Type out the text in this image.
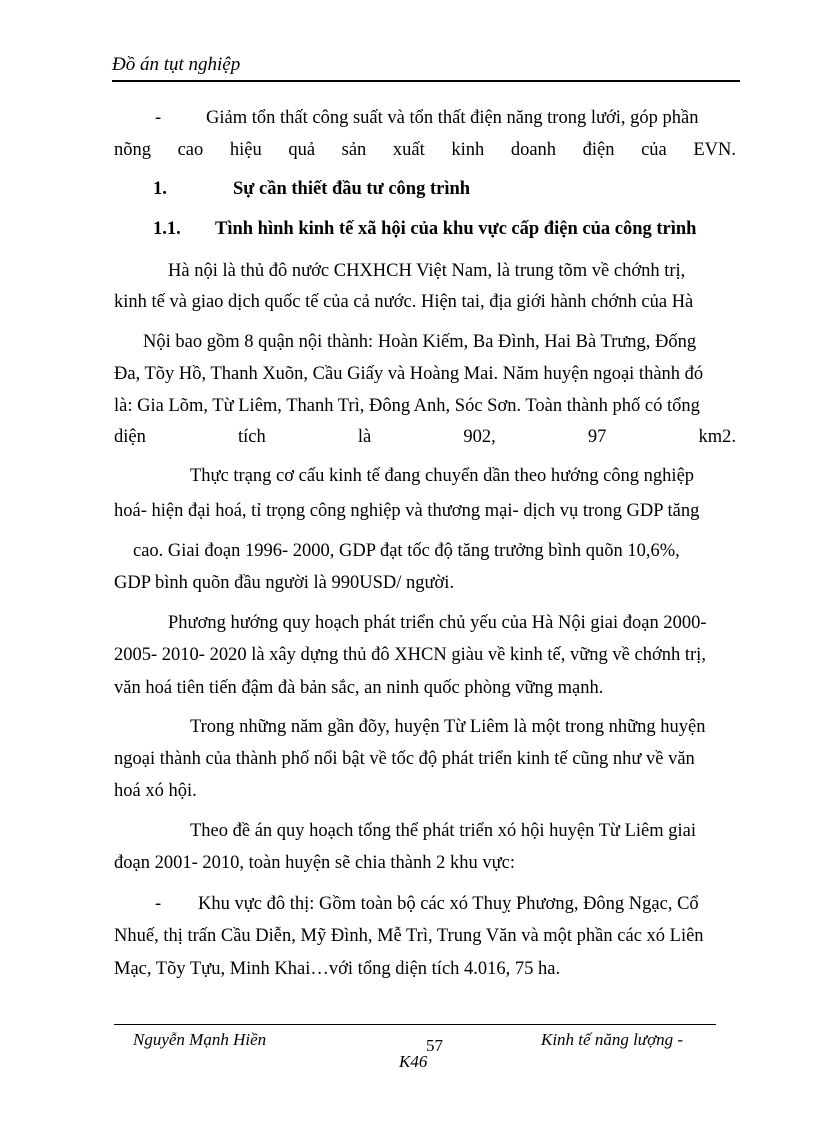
Đồ án tụt nghiệp
- Giảm tổn thất công suất và tổn thất điện năng trong lưới, góp phần
nõng cao hiệu quả sản xuất kinh doanh điện của EVN.
1.	Sự cần thiết đầu tư công trình
1.1. Tình hình kinh tế xã hội của khu vực cấp điện của công trình
Hà nội là thủ đô nước CHXHCH Việt Nam, là trung tõm về chớnh trị,
kinh tế và giao dịch quốc tế của cả nước. Hiện tai, địa giới hành chớnh của Hà
Nội bao gồm 8 quận nội thành: Hoàn Kiếm, Ba Đình, Hai Bà Trưng, Đống
Đa, Tõy Hồ, Thanh Xuõn, Cầu Giấy và Hoàng Mai. Năm huyện ngoại thành đó
là: Gia Lõm, Từ Liêm, Thanh Trì, Đông Anh, Sóc Sơn. Toàn thành phố có tổng
diện tích là 902, 97 km2.
Thực trạng cơ cấu kinh tế đang chuyển dần theo hướng công nghiệp
hoá- hiện đại hoá, tỉ trọng công nghiệp và thương mại- dịch vụ trong GDP tăng
cao. Giai đoạn 1996- 2000, GDP đạt tốc độ tăng trưởng bình quõn 10,6%,
GDP bình quõn đầu người là 990USD/ người.
Phương hướng quy hoạch phát triển chủ yếu của Hà Nội giai đoạn 2000-
2005- 2010- 2020 là xây dựng thủ đô XHCN giàu về kinh tế, vững về chớnh trị,
văn hoá tiên tiến đậm đà bản sắc, an ninh quốc phòng vững mạnh.
Trong những năm gần đõy, huyện Từ Liêm là một trong những huyện
ngoại thành của thành phố nổi bật về tốc độ phát triển kinh tế cũng như về văn
hoá xó hội.
Theo đề án quy hoạch tổng thể phát triển xó hội huyện Từ Liêm giai
đoạn 2001- 2010, toàn huyện sẽ chia thành 2 khu vực:
- Khu vực đô thị: Gồm toàn bộ các xó Thuỵ Phương, Đông Ngạc, Cổ
Nhuế, thị trấn Cầu Diễn, Mỹ Đình, Mễ Trì, Trung Văn và một phần các xó Liên
Mạc, Tõy Tựu, Minh Khai…với tổng diện tích 4.016, 75 ha.
Nguyễn Mạnh Hiền	57	Kinh tế năng lượng -
K46
